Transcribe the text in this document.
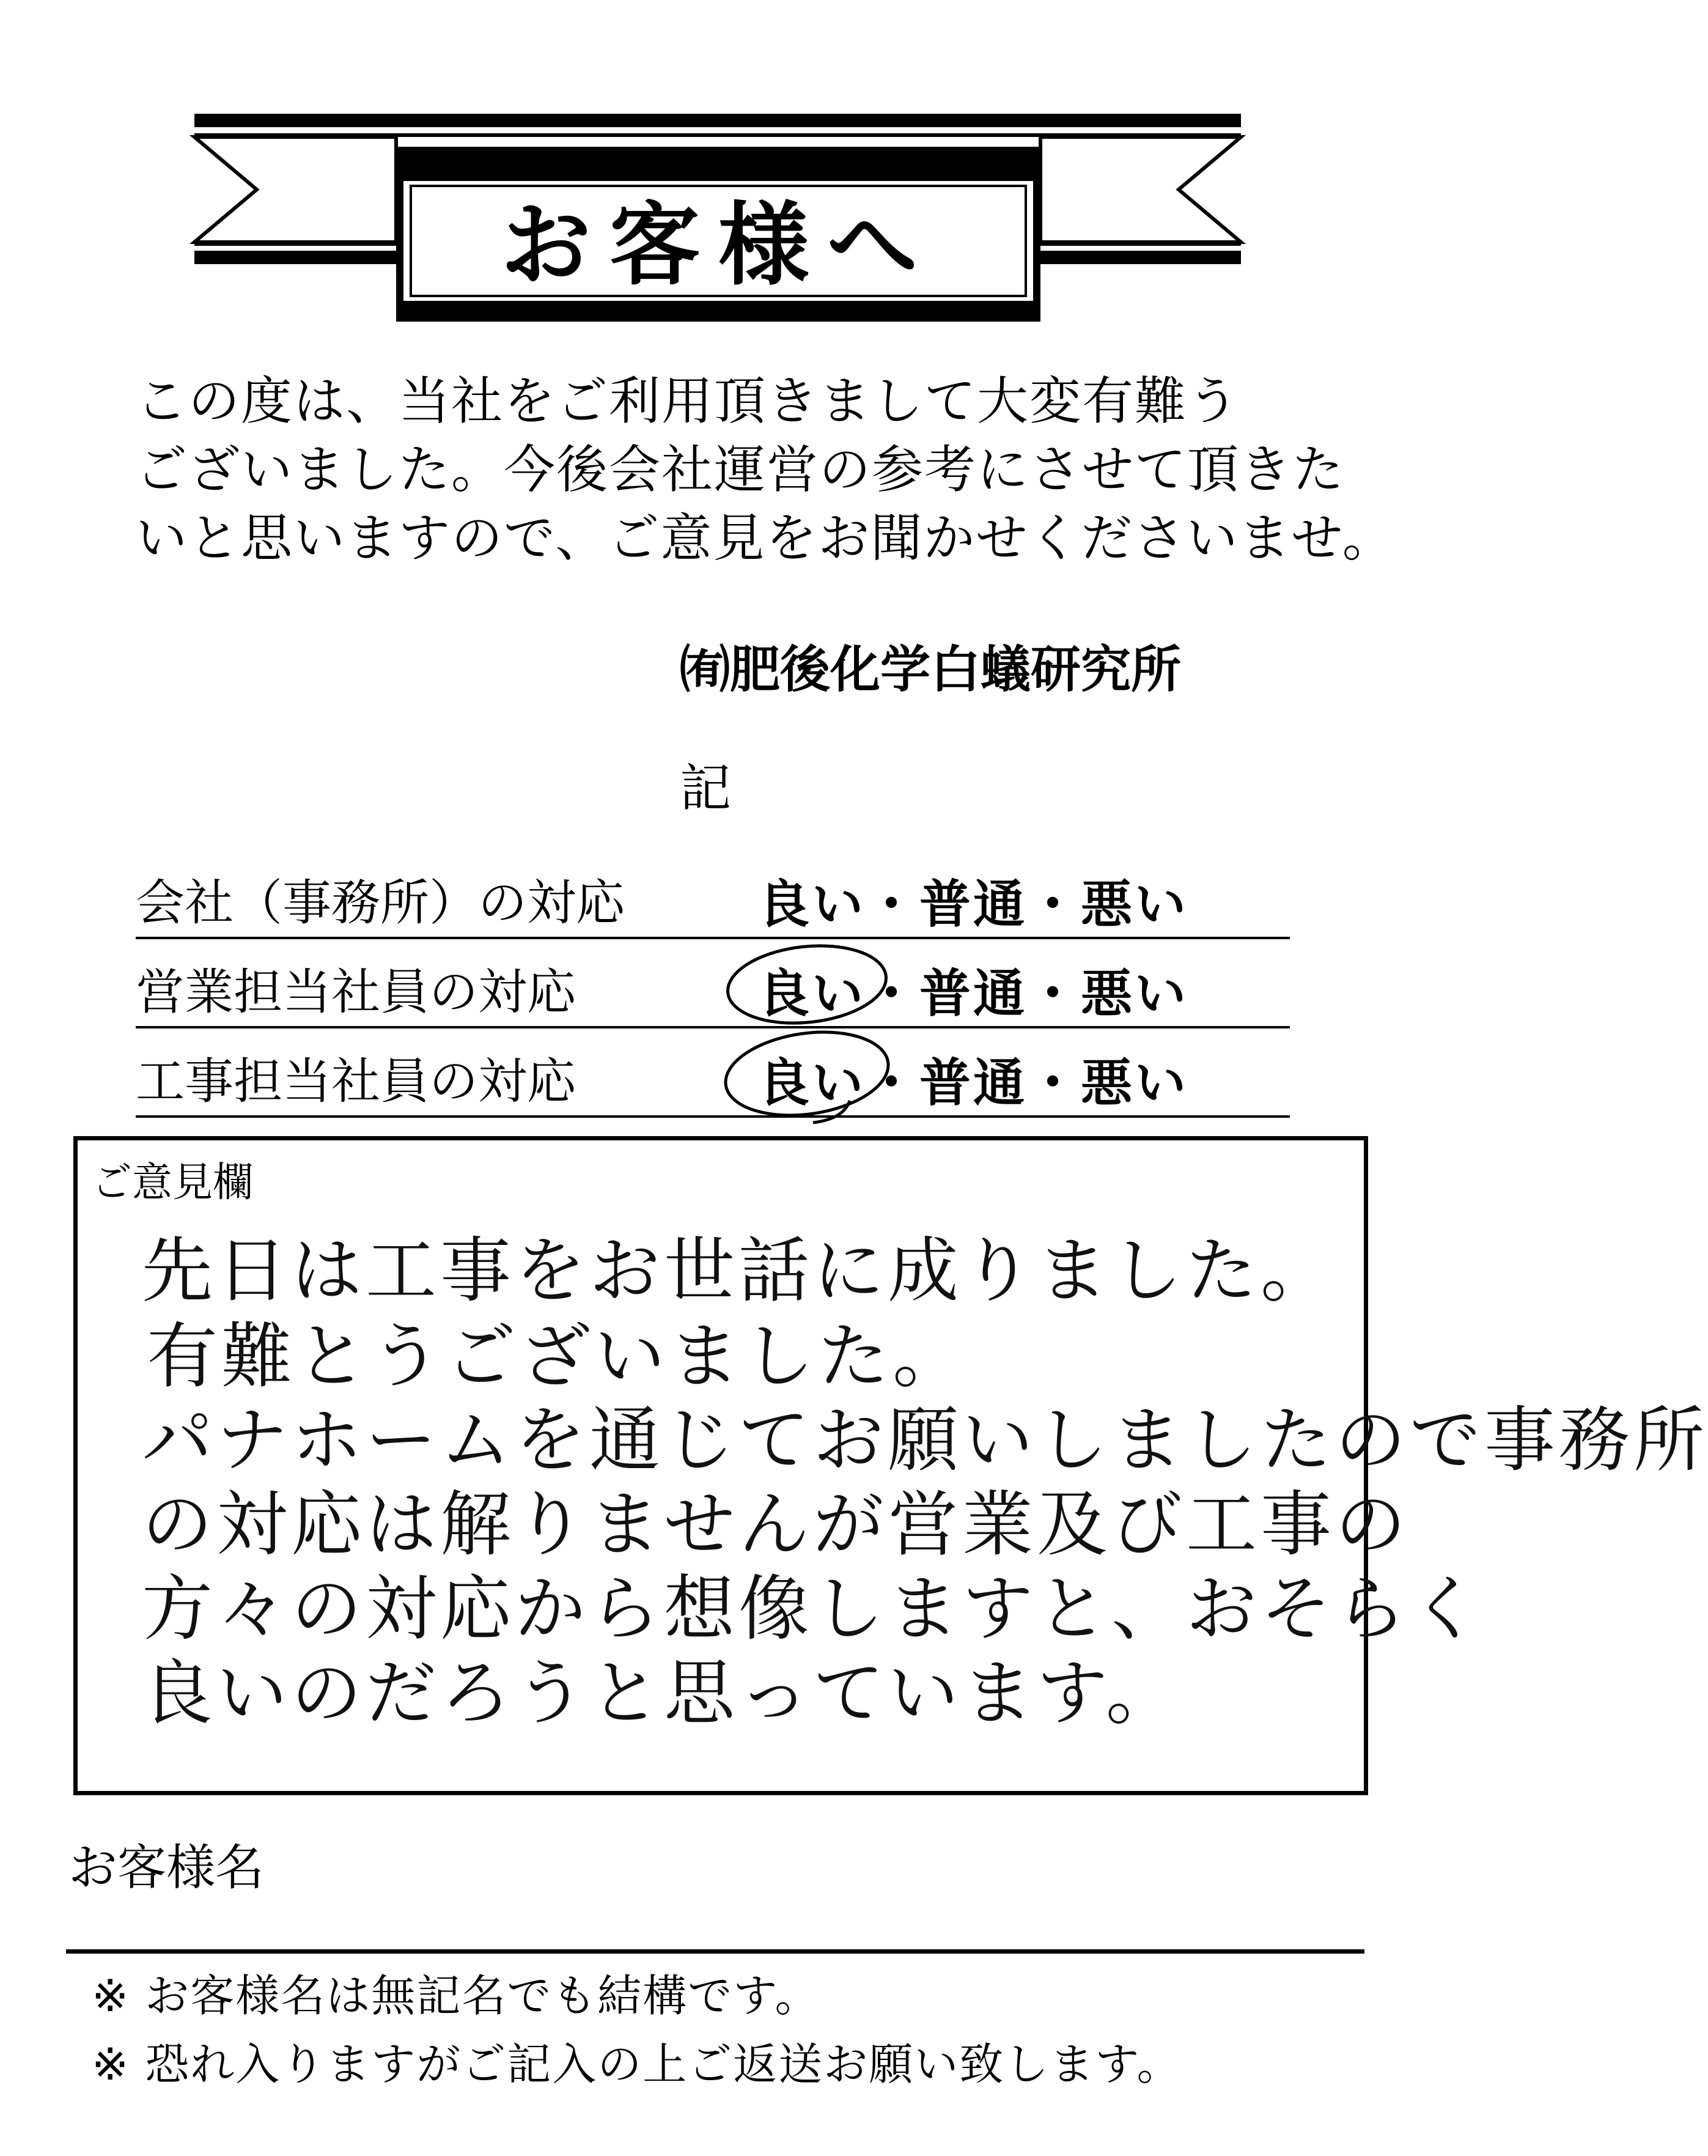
お客様へ
この度は、当社をご利用頂きまして大変有難う
ございました。今後会社運営の参考にさせて頂きた
いと思いますので、ご意見をお聞かせくださいませ。
㈲肥後化学白蟻研究所
記
会社（事務所）の対応	良い・普通・悪い
営業担当社員の対応	良い・普通・悪い
工事担当社員の対応	良い・普通・悪い
ご意見欄
先日は工事をお世話に成りました。
有難とうございました。
パナホームを通じてお願いしましたので事務所
の対応は解りませんが営業及び工事の
方々の対応から想像しますと、おそらく
良いのだろうと思っています。
お客様名
※ お客様名は無記名でも結構です。
※ 恐れ入りますがご記入の上ご返送お願い致します。
